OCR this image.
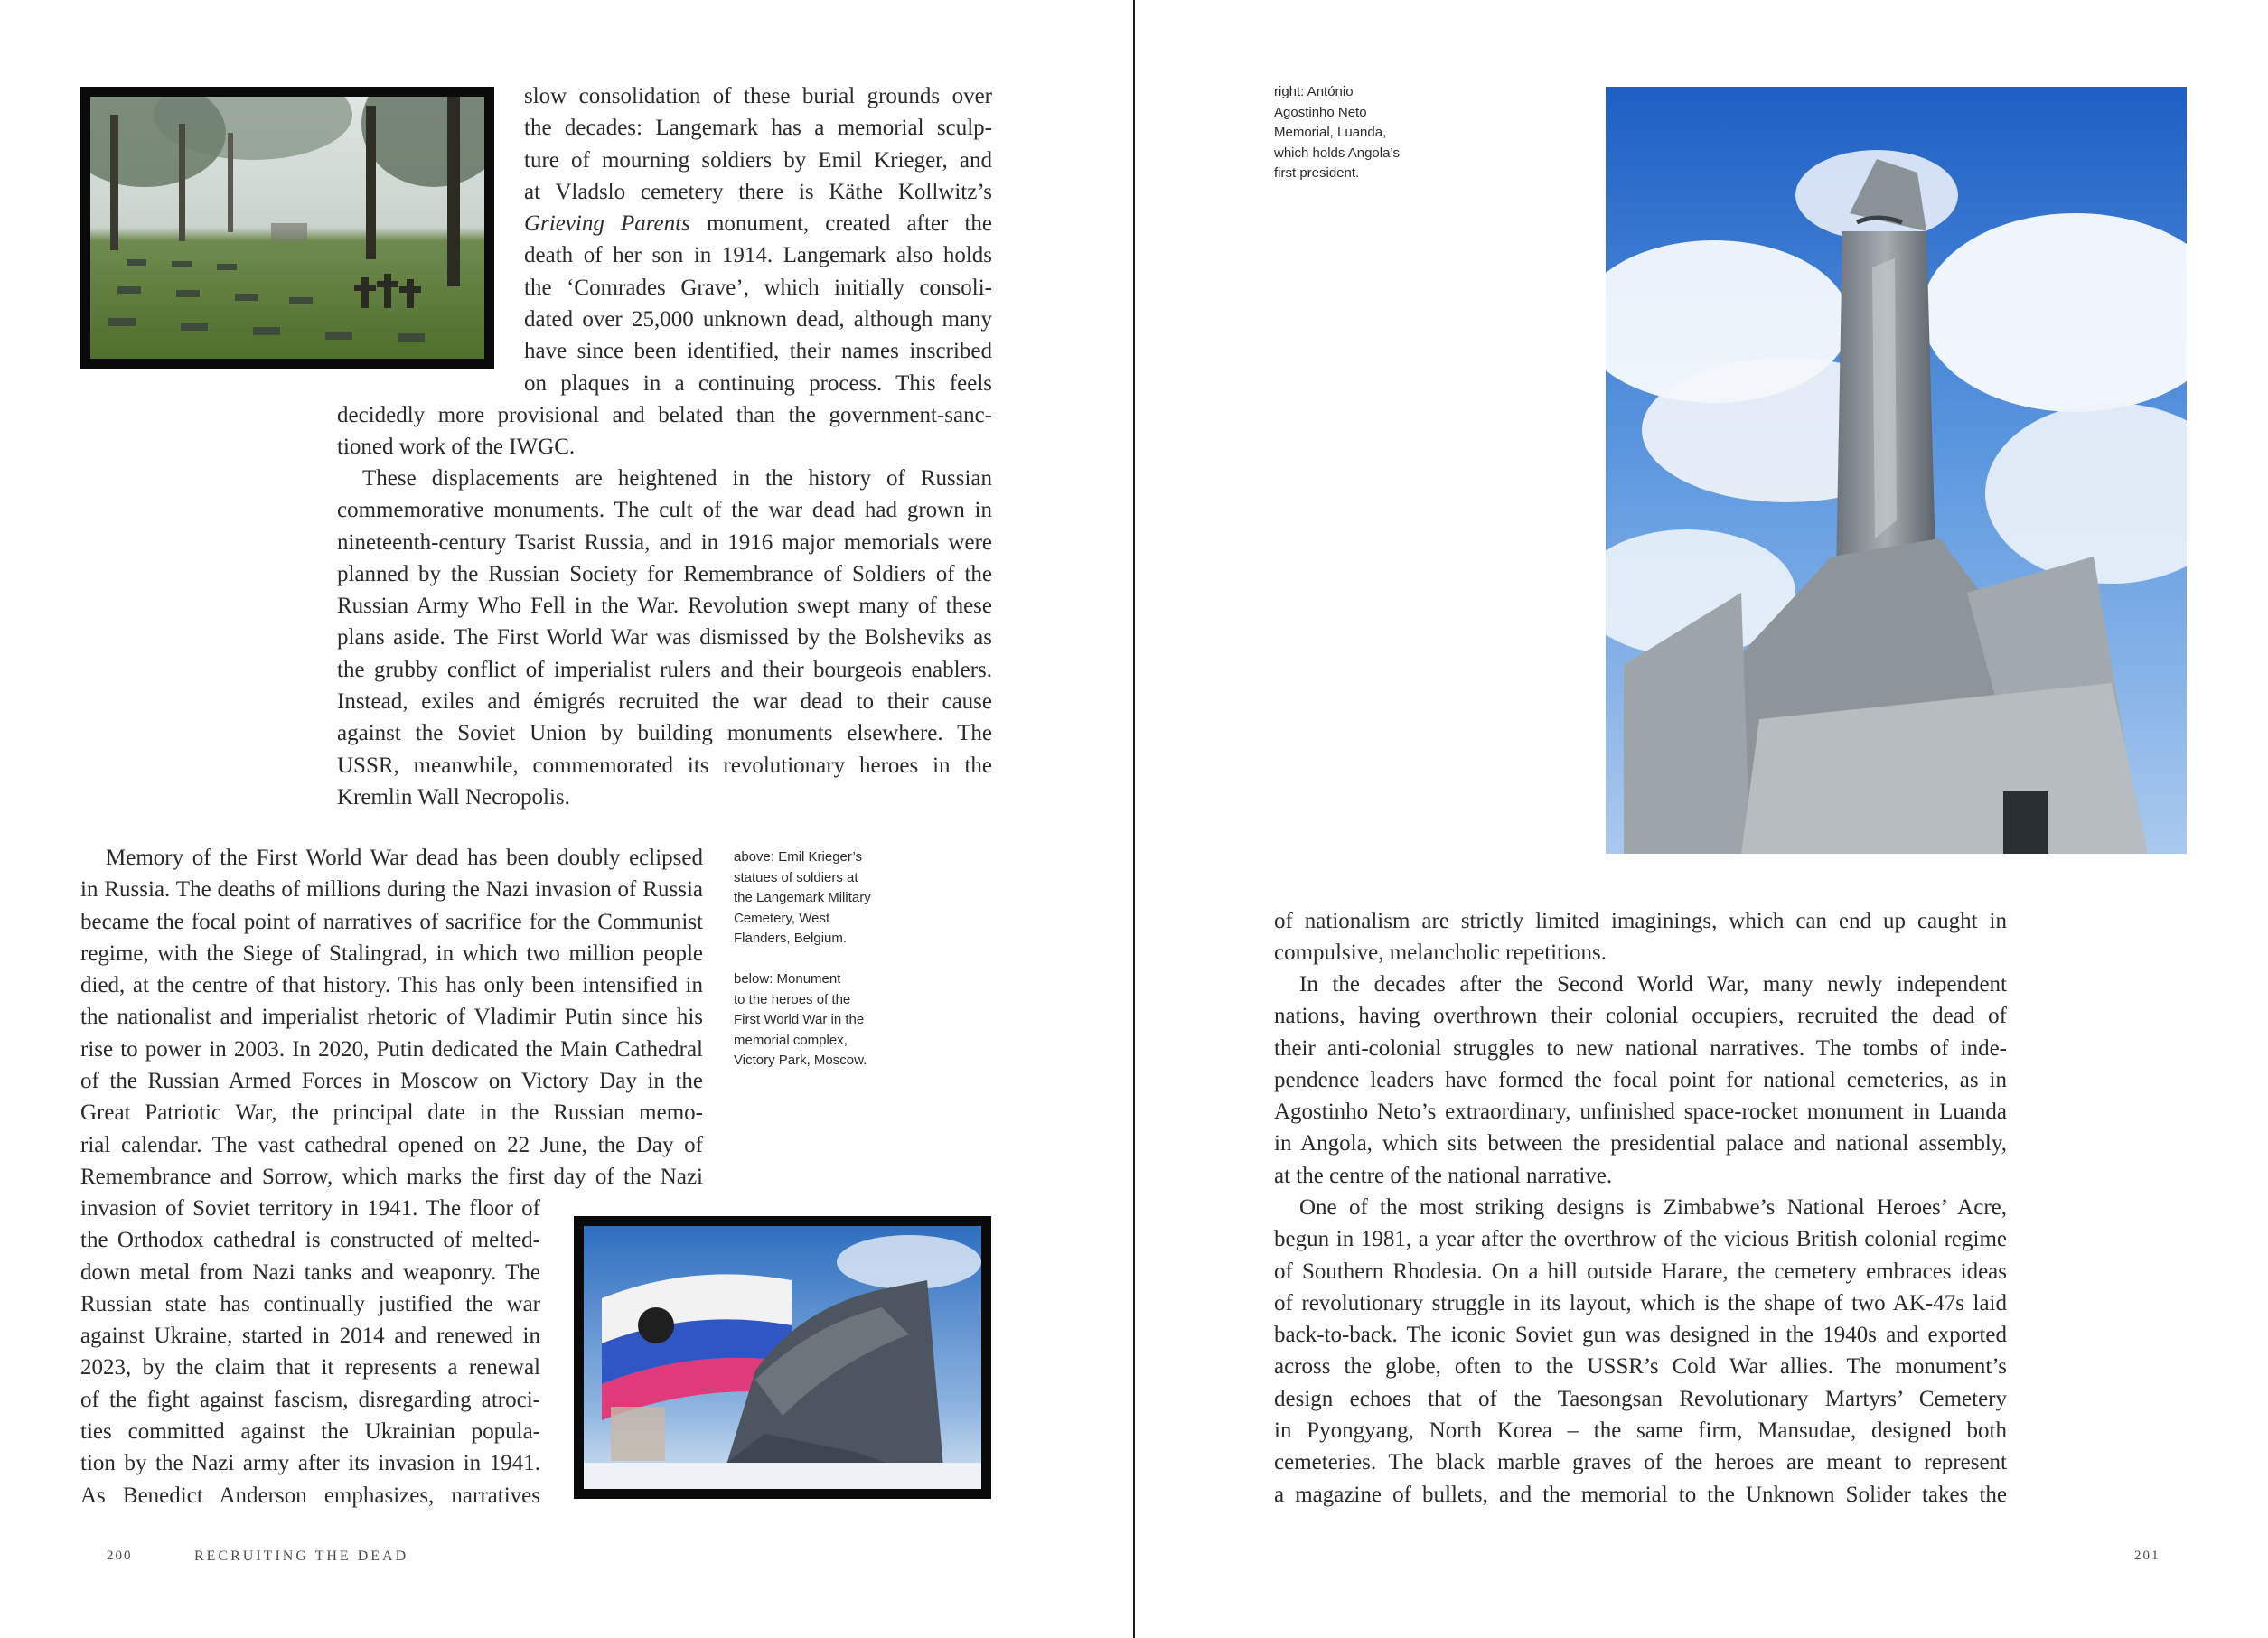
slow consolidation of these burial grounds over
the decades: Langemark has a memorial sculp-
ture of mourning soldiers by Emil Krieger, and
at Vladslo cemetery there is Käthe Kollwitz’s
Grieving Parents monument, created after the
death of her son in 1914. Langemark also holds
the ‘Comrades Grave’, which initially consoli-
dated over 25,000 unknown dead, although many
have since been identified, their names inscribed
on plaques in a continuing process. This feels
decidedly more provisional and belated than the government-sanc-
tioned work of the IWGC.
These displacements are heightened in the history of Russian
commemorative monuments. The cult of the war dead had grown in
nineteenth-century Tsarist Russia, and in 1916 major memorials were
planned by the Russian Society for Remembrance of Soldiers of the
Russian Army Who Fell in the War. Revolution swept many of these
plans aside. The First World War was dismissed by the Bolsheviks as
the grubby conflict of imperialist rulers and their bourgeois enablers.
Instead, exiles and émigrés recruited the war dead to their cause
against the Soviet Union by building monuments elsewhere. The
USSR, meanwhile, commemorated its revolutionary heroes in the
Kremlin Wall Necropolis.
Memory of the First World War dead has been doubly eclipsed
in Russia. The deaths of millions during the Nazi invasion of Russia
became the focal point of narratives of sacrifice for the Communist
regime, with the Siege of Stalingrad, in which two million people
died, at the centre of that history. This has only been intensified in
the nationalist and imperialist rhetoric of Vladimir Putin since his
rise to power in 2003. In 2020, Putin dedicated the Main Cathedral
of the Russian Armed Forces in Moscow on Victory Day in the
Great Patriotic War, the principal date in the Russian memo-
rial calendar. The vast cathedral opened on 22 June, the Day of
Remembrance and Sorrow, which marks the first day of the Nazi
invasion of Soviet territory in 1941. The floor of
the Orthodox cathedral is constructed of melted-
down metal from Nazi tanks and weaponry. The
Russian state has continually justified the war
against Ukraine, started in 2014 and renewed in
2023, by the claim that it represents a renewal
of the fight against fascism, disregarding atroci-
ties committed against the Ukrainian popula-
tion by the Nazi army after its invasion in 1941.
As Benedict Anderson emphasizes, narratives

above: Emil Krieger’s
statues of soldiers at
the Langemark Military
Cemetery, West
Flanders, Belgium.

below: Monument
to the heroes of the
First World War in the
memorial complex,
Victory Park, Moscow.

200	RECRUITING THE DEAD

right: António
Agostinho Neto
Memorial, Luanda,
which holds Angola’s
first president.

of nationalism are strictly limited imaginings, which can end up caught in
compulsive, melancholic repetitions.
In the decades after the Second World War, many newly independent
nations, having overthrown their colonial occupiers, recruited the dead of
their anti-colonial struggles to new national narratives. The tombs of inde-
pendence leaders have formed the focal point for national cemeteries, as in
Agostinho Neto’s extraordinary, unfinished space-rocket monument in Luanda
in Angola, which sits between the presidential palace and national assembly,
at the centre of the national narrative.
One of the most striking designs is Zimbabwe’s National Heroes’ Acre,
begun in 1981, a year after the overthrow of the vicious British colonial regime
of Southern Rhodesia. On a hill outside Harare, the cemetery embraces ideas
of revolutionary struggle in its layout, which is the shape of two AK-47s laid
back-to-back. The iconic Soviet gun was designed in the 1940s and exported
across the globe, often to the USSR’s Cold War allies. The monument’s
design echoes that of the Taesongsan Revolutionary Martyrs’ Cemetery
in Pyongyang, North Korea – the same firm, Mansudae, designed both
cemeteries. The black marble graves of the heroes are meant to represent
a magazine of bullets, and the memorial to the Unknown Solider takes the
201
